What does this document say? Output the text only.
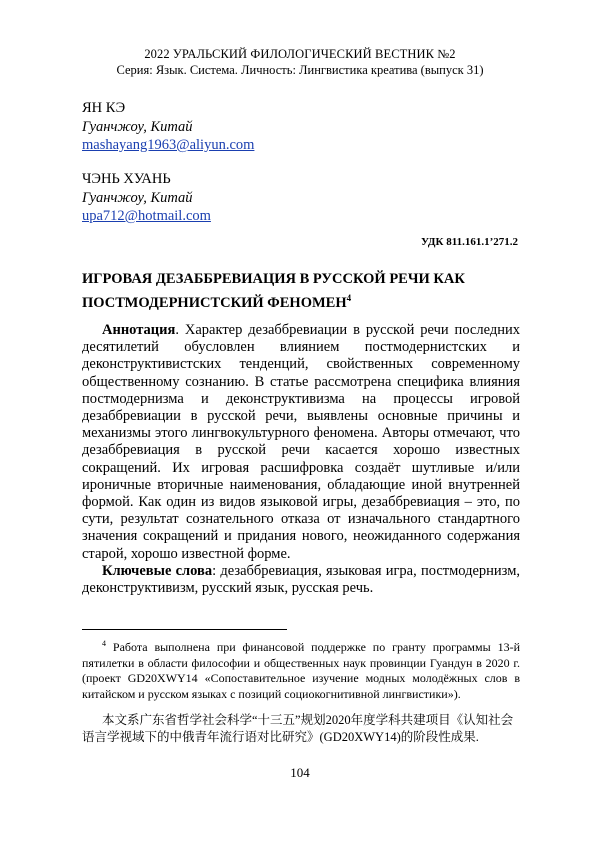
2022 УРАЛЬСКИЙ ФИЛОЛОГИЧЕСКИЙ ВЕСТНИК №2
Серия: Язык. Система. Личность: Лингвистика креатива (выпуск 31)
ЯН КЭ
Гуанчжоу, Китай
mashayang1963@aliyun.com
ЧЭНЬ ХУАНЬ
Гуанчжоу, Китай
upa712@hotmail.com
УДК 811.161.1’271.2
ИГРОВАЯ ДЕЗАББРЕВИАЦИЯ В РУССКОЙ РЕЧИ КАК
ПОСТМОДЕРНИСТСКИЙ ФЕНОМЕН$^4$

Аннотация. Характер дезаббревиации в русской речи последних десятилетий обусловлен влиянием постмодернистских и деконструктивистских тенденций, свойственных современному общественному сознанию. В статье рассмотрена специфика влияния постмодернизма и деконструктивизма на процессы игровой дезаббревиации в русской речи, выявлены основные причины и механизмы этого лингвокультурного феномена. Авторы отмечают, что дезаббревиация в русской речи касается хорошо известных сокращений. Их игровая расшифровка создаёт шутливые и/или ироничные вторичные наименования, обладающие иной внутренней формой. Как один из видов языковой игры, дезаббревиация – это, по сути, результат сознательного отказа от изначального стандартного значения сокращений и придания нового, неожиданного содержания старой, хорошо известной форме.

Ключевые слова: дезаббревиация, языковая игра, постмодернизм, деконструктивизм, русский язык, русская речь.

$^4$ Работа выполнена при финансовой поддержке по гранту программы 13-й пятилетки в области философии и общественных наук провинции Гуандун в 2020 г. (проект GD20XWY14 «Сопоставительное изучение модных молодёжных слов в китайском и русском языках с позиций социокогнитивной лингвистики»).

本文系广东省哲学社会科学“十三五”规划2020年度学科共建项目《认知社会语言学视域下的中俄青年流行语对比研究》(GD20XWY14)的阶段性成果.

104
